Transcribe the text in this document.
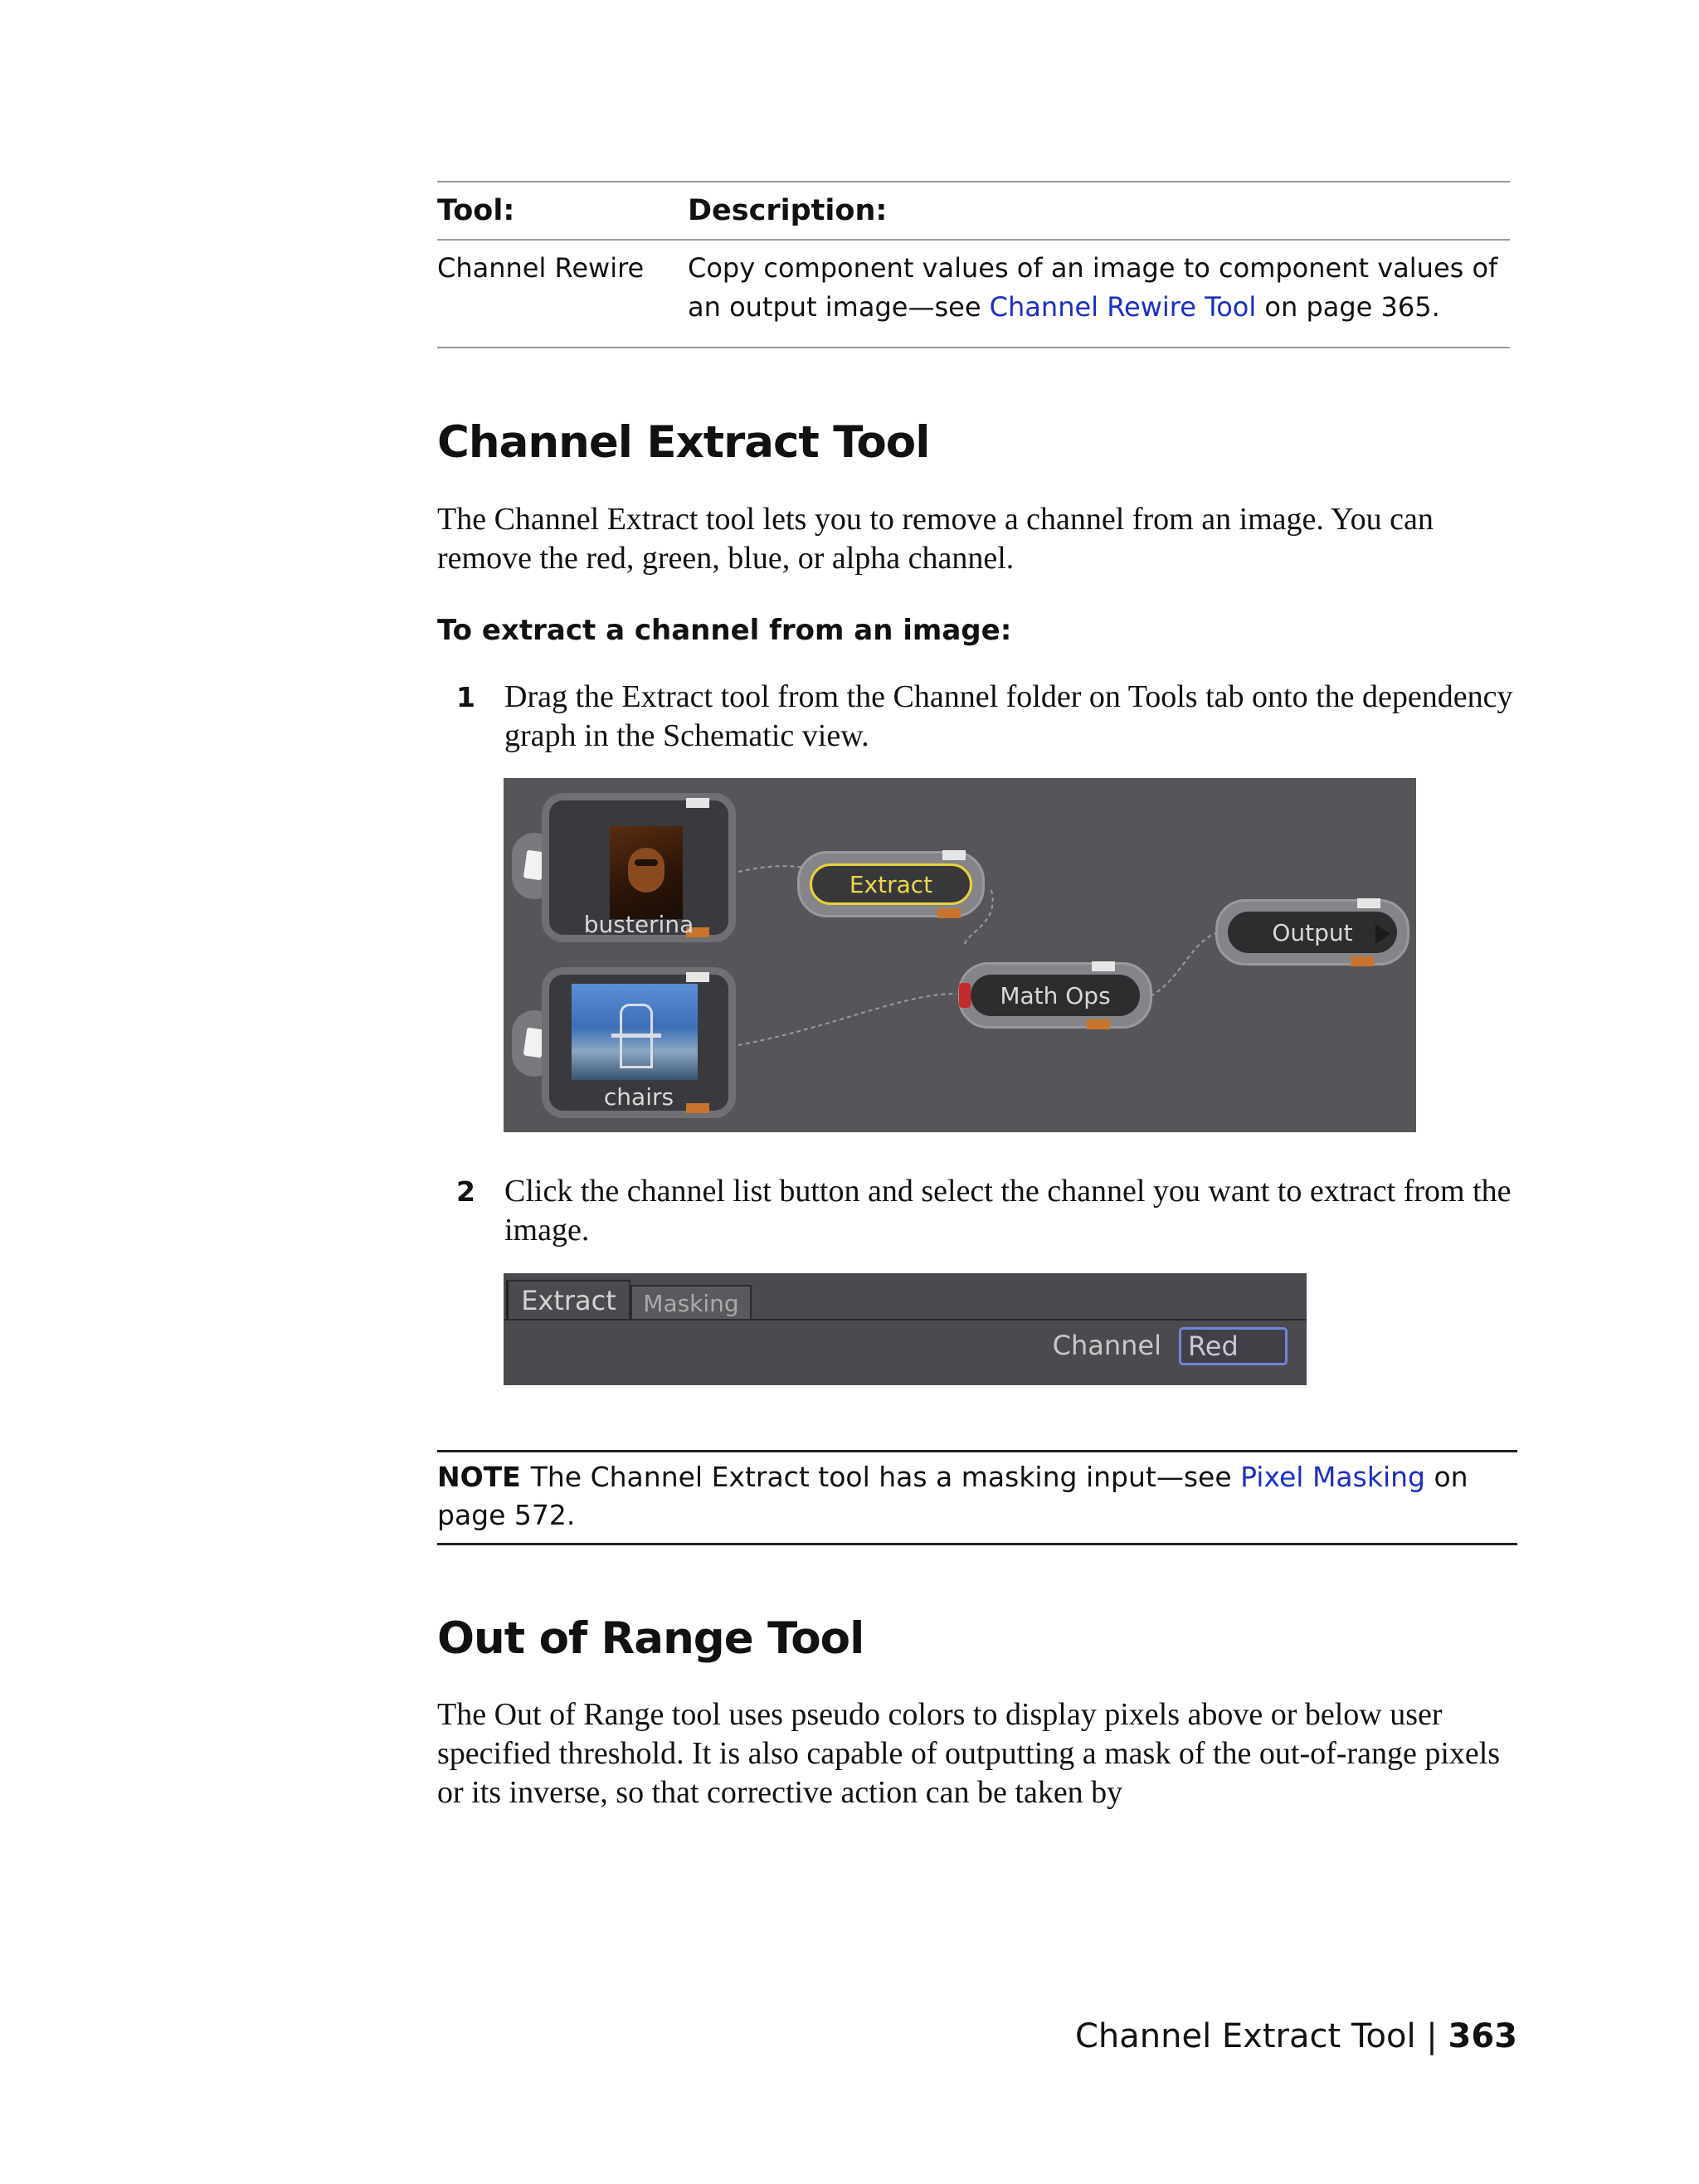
Tool:	Description:
Channel Rewire	Copy component values of an image to component values of an output image—see Channel Rewire Tool on page 365.
Channel Extract Tool

The Channel Extract tool lets you to remove a channel from an image. You can remove the red, green, blue, or alpha channel.

To extract a channel from an image:

1 Drag the Extract tool from the Channel folder on Tools tab onto the dependency graph in the Schematic view.
busterina
chairs
Extract
Math Ops
Output
2 Click the channel list button and select the channel you want to extract from the image.
Extract	Masking
Channel	Red
NOTE The Channel Extract tool has a masking input—see Pixel Masking on page 572.
Out of Range Tool

The Out of Range tool uses pseudo colors to display pixels above or below user specified threshold. It is also capable of outputting a mask of the out-of-range pixels or its inverse, so that corrective action can be taken by

Channel Extract Tool | 363
